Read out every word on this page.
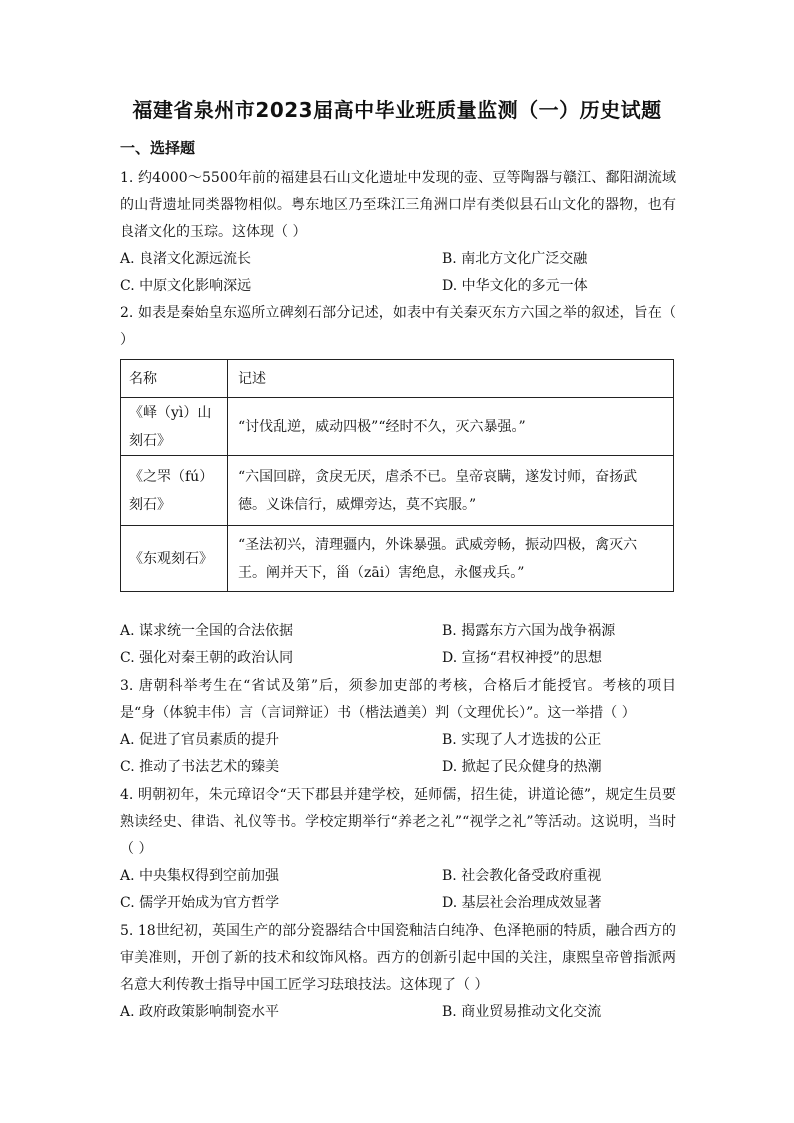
福建省泉州市2023届高中毕业班质量监测（一）历史试题
一、选择题
1. 约4000～5500年前的福建县石山文化遗址中发现的壶、豆等陶器与赣江、鄱阳湖流域的山背遗址同类器物相似。粤东地区乃至珠江三角洲口岸有类似县石山文化的器物，也有良渚文化的玉琮。这体现（ ）
A. 良渚文化源远流长	B. 南北方文化广泛交融
C. 中原文化影响深远	D. 中华文化的多元一体
2. 如表是秦始皇东巡所立碑刻石部分记述，如表中有关秦灭东方六国之举的叙述，旨在（ ）
名称	记述
《峄（yì）山刻石》	“讨伐乱逆，威动四极”“经时不久，灭六暴强。”
《之罘（fú）刻石》	“六国回辟，贪戾无厌，虐杀不已。皇帝哀瞒，遂发讨师，奋扬武德。义诛信行，威燀旁达，莫不宾服。”
《东观刻石》	“圣法初兴，清理疆内，外诛暴强。武威旁畅，振动四极，禽灭六王。阐并天下，甾（zāi）害绝息，永偃戎兵。”
A. 谋求统一全国的合法依据	B. 揭露东方六国为战争祸源
C. 强化对秦王朝的政治认同	D. 宣扬“君权神授”的思想
3. 唐朝科举考生在“省试及第”后，须参加吏部的考核，合格后才能授官。考核的项目是“身（体貌丰伟）言（言词辩证）书（楷法遒美）判（文理优长）”。这一举措（ ）
A. 促进了官员素质的提升	B. 实现了人才选拔的公正
C. 推动了书法艺术的臻美	D. 掀起了民众健身的热潮
4. 明朝初年，朱元璋诏令“天下郡县并建学校，延师儒，招生徒，讲道论德”，规定生员要熟读经史、律诰、礼仪等书。学校定期举行“养老之礼”“视学之礼”等活动。这说明，当时（ ）
A. 中央集权得到空前加强	B. 社会教化备受政府重视
C. 儒学开始成为官方哲学	D. 基层社会治理成效显著
5. 18世纪初，英国生产的部分瓷器结合中国瓷釉洁白纯净、色泽艳丽的特质，融合西方的审美准则，开创了新的技术和纹饰风格。西方的创新引起中国的关注，康熙皇帝曾指派两名意大利传教士指导中国工匠学习珐琅技法。这体现了（ ）
A. 政府政策影响制瓷水平	B. 商业贸易推动文化交流
